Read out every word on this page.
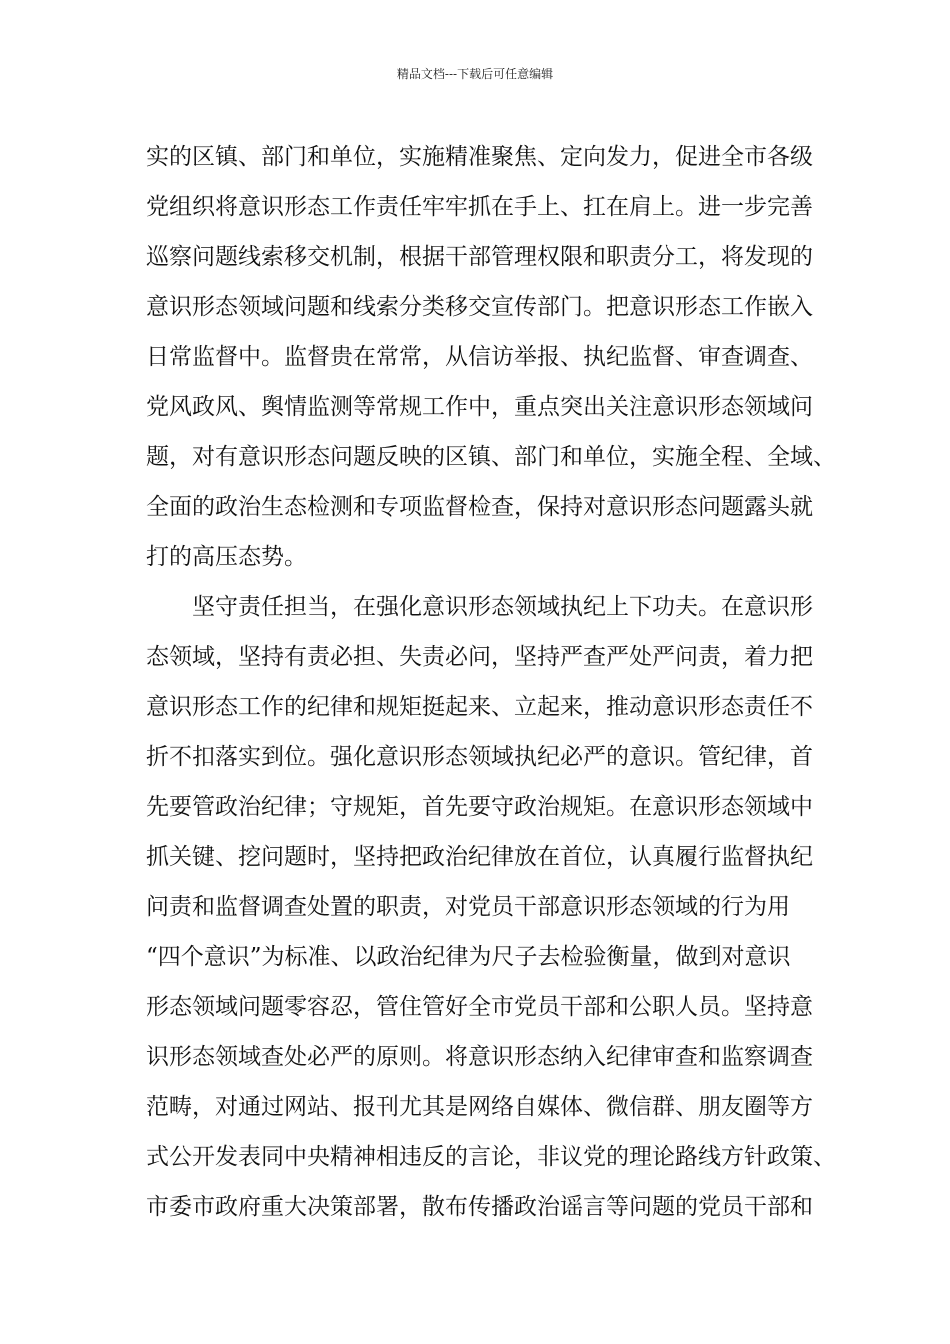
精品文档---下载后可任意编辑
实的区镇、部门和单位，实施精准聚焦、定向发力，促进全市各级
党组织将意识形态工作责任牢牢抓在手上、扛在肩上。进一步完善
巡察问题线索移交机制，根据干部管理权限和职责分工，将发现的
意识形态领域问题和线索分类移交宣传部门。把意识形态工作嵌入
日常监督中。监督贵在常常，从信访举报、执纪监督、审查调查、
党风政风、舆情监测等常规工作中，重点突出关注意识形态领域问
题，对有意识形态问题反映的区镇、部门和单位，实施全程、全域、
全面的政治生态检测和专项监督检查，保持对意识形态问题露头就
打的高压态势。
坚守责任担当，在强化意识形态领域执纪上下功夫。在意识形
态领域，坚持有责必担、失责必问，坚持严查严处严问责，着力把
意识形态工作的纪律和规矩挺起来、立起来，推动意识形态责任不
折不扣落实到位。强化意识形态领域执纪必严的意识。管纪律，首
先要管政治纪律；守规矩，首先要守政治规矩。在意识形态领域中
抓关键、挖问题时，坚持把政治纪律放在首位，认真履行监督执纪
问责和监督调查处置的职责，对党员干部意识形态领域的行为用
“四个意识”为标准、以政治纪律为尺子去检验衡量，做到对意识
形态领域问题零容忍，管住管好全市党员干部和公职人员。坚持意
识形态领域查处必严的原则。将意识形态纳入纪律审查和监察调查
范畴，对通过网站、报刊尤其是网络自媒体、微信群、朋友圈等方
式公开发表同中央精神相违反的言论，非议党的理论路线方针政策、
市委市政府重大决策部署，散布传播政治谣言等问题的党员干部和
